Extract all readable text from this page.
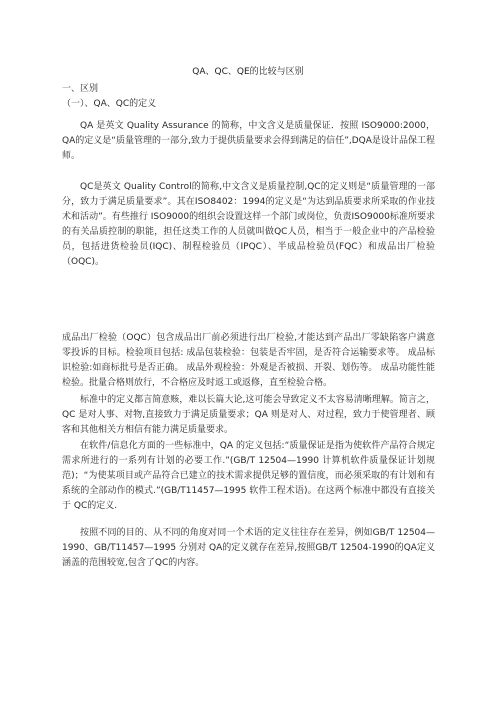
QA、QC、QE的比较与区别
一、区别
（一）、QA、QC的定义
QA 是英文 Quality Assurance 的简称，中文含义是质量保证．按照 ISO9000:2000，QA的定义是“质量管理的一部分,致力于提供质量要求会得到满足的信任”,DQA是设计品保工程师。
QC是英文 Quality Control的简称,中文含义是质量控制,QC的定义则是“质量管理的一部分，致力于满足质量要求”。其在ISO8402：1994的定义是“为达到品质要求所采取的作业技术和活动”。有些推行 ISO9000的组织会设置这样一个部门或岗位，负责ISO9000标准所要求的有关品质控制的职能，担任这类工作的人员就叫做QC人员，相当于一般企业中的产品检验员，包括进货检验员(IQC)、制程检验员（IPQC）、半成品检验员(FQC）和成品出厂检验（OQC)。
成品出厂检验（OQC）包含成品出厂前必须进行出厂检验,才能达到产品出厂零缺陷客户满意零投诉的目标。检验项目包括: 成品包装检验：包装是否牢固，是否符合运输要求等。 成品标识检验:如商标批号是否正确。 成品外观检验：外观是否被损、开裂、划伤等。 成品功能性能检验。批量合格则放行，不合格应及时返工或返修，直至检验合格。
标准中的定义都言简意赅，难以长篇大论,这可能会导致定义不太容易清晰理解。简言之，QC 是对人事、对物,直接致力于满足质量要求；QA 则是对人、对过程，致力于使管理者、顾客和其他相关方相信有能力满足质量要求。
在软件/信息化方面的一些标准中，QA 的定义包括:“质量保证是指为使软件产品符合规定需求所进行的一系列有计划的必要工作.”(GB/T 12504—1990 计算机软件质量保证计划规范)；“为使某项目或产品符合已建立的技术需求提供足够的置信度，而必须采取的有计划和有系统的全部动作的模式.”(GB/T11457—1995 软件工程术语)。在这两个标准中都没有直接关于 QC的定义.
按照不同的目的、从不同的角度对同一个术语的定义往往存在差异，例如GB/T 12504—1990、GB/T11457—1995 分别对 QA的定义就存在差异,按照GB/T 12504-1990的QA定义涵盖的范围较宽,包含了QC的内容。
